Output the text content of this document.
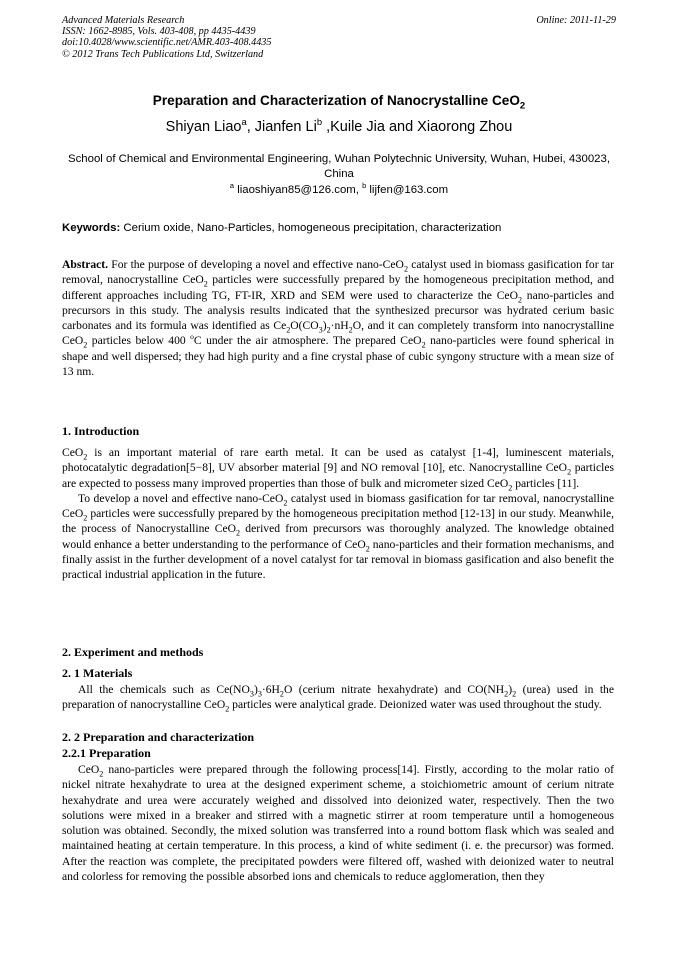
Advanced Materials Research
ISSN: 1662-8985, Vols. 403-408, pp 4435-4439
doi:10.4028/www.scientific.net/AMR.403-408.4435
© 2012 Trans Tech Publications Ltd, Switzerland
Online: 2011-11-29
Preparation and Characterization of Nanocrystalline CeO$_2$
Shiyan Liao$^a$, Jianfen Li$^b$ ,Kuile Jia and Xiaorong Zhou
School of Chemical and Environmental Engineering, Wuhan Polytechnic University, Wuhan, Hubei, 430023, China
$^a$ liaoshiyan85@126.com, $^b$ lijfen@163.com
Keywords: Cerium oxide, Nano-Particles, homogeneous precipitation, characterization

Abstract. For the purpose of developing a novel and effective nano-CeO$_2$ catalyst used in biomass gasification for tar removal, nanocrystalline CeO$_2$ particles were successfully prepared by the homogeneous precipitation method, and different approaches including TG, FT-IR, XRD and SEM were used to characterize the CeO$_2$ nano-particles and precursors in this study. The analysis results indicated that the synthesized precursor was hydrated cerium basic carbonates and its formula was identified as $Ce_2O(CO_3)_2\cdot nH_2O$, and it can completely transform into nanocrystalline CeO$_2$ particles below 400 $^o$C under the air atmosphere. The prepared CeO$_2$ nano-particles were found spherical in shape and well dispersed; they had high purity and a fine crystal phase of cubic syngony structure with a mean size of 13 nm.

1. Introduction

CeO$_2$ is an important material of rare earth metal. It can be used as catalyst [1-4], luminescent materials, photocatalytic degradation[5−8], UV absorber material [9] and NO removal [10], etc. Nanocrystalline CeO$_2$ particles are expected to possess many improved properties than those of bulk and micrometer sized CeO$_2$ particles [11].

To develop a novel and effective nano-CeO$_2$ catalyst used in biomass gasification for tar removal, nanocrystalline CeO$_2$ particles were successfully prepared by the homogeneous precipitation method [12-13] in our study. Meanwhile, the process of Nanocrystalline CeO$_2$ derived from precursors was thoroughly analyzed. The knowledge obtained would enhance a better understanding to the performance of CeO$_2$ nano-particles and their formation mechanisms, and finally assist in the further development of a novel catalyst for tar removal in biomass gasification and also benefit the practical industrial application in the future.

2. Experiment and methods
2. 1 Materials

All the chemicals such as $Ce(NO_3)_3\cdot 6H_2O$ (cerium nitrate hexahydrate) and $CO(NH_2)_2$ (urea) used in the preparation of nanocrystalline CeO$_2$ particles were analytical grade. Deionized water was used throughout the study.

2. 2 Preparation and characterization
2.2.1 Preparation

CeO$_2$ nano-particles were prepared through the following process[14]. Firstly, according to the molar ratio of nickel nitrate hexahydrate to urea at the designed experiment scheme, a stoichiometric amount of cerium nitrate hexahydrate and urea were accurately weighed and dissolved into deionized water, respectively. Then the two solutions were mixed in a breaker and stirred with a magnetic stirrer at room temperature until a homogeneous solution was obtained. Secondly, the mixed solution was transferred into a round bottom flask which was sealed and maintained heating at certain temperature. In this process, a kind of white sediment (i. e. the precursor) was formed. After the reaction was complete, the precipitated powders were filtered off, washed with deionized water to neutral and colorless for removing the possible absorbed ions and chemicals to reduce agglomeration, then they
